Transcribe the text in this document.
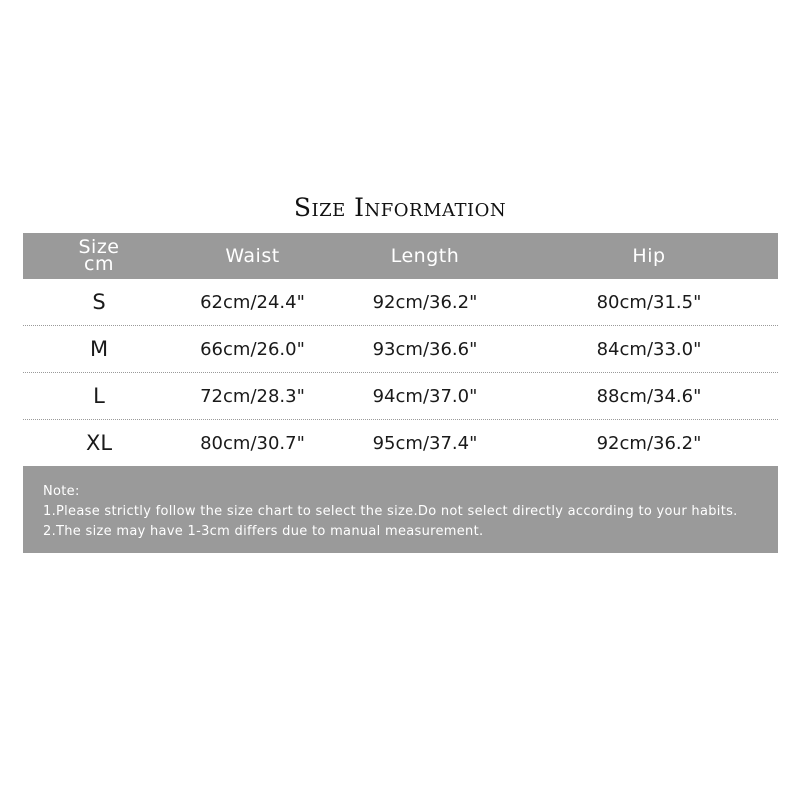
Size Information
Size
cm	Waist	Length	Hip
S	62cm/24.4"	92cm/36.2"	80cm/31.5"
M	66cm/26.0"	93cm/36.6"	84cm/33.0"
L	72cm/28.3"	94cm/37.0"	88cm/34.6"
XL	80cm/30.7"	95cm/37.4"	92cm/36.2"
Note:
1.Please strictly follow the size chart to select the size.Do not select directly according to your habits.
2.The size may have 1-3cm differs due to manual measurement.
